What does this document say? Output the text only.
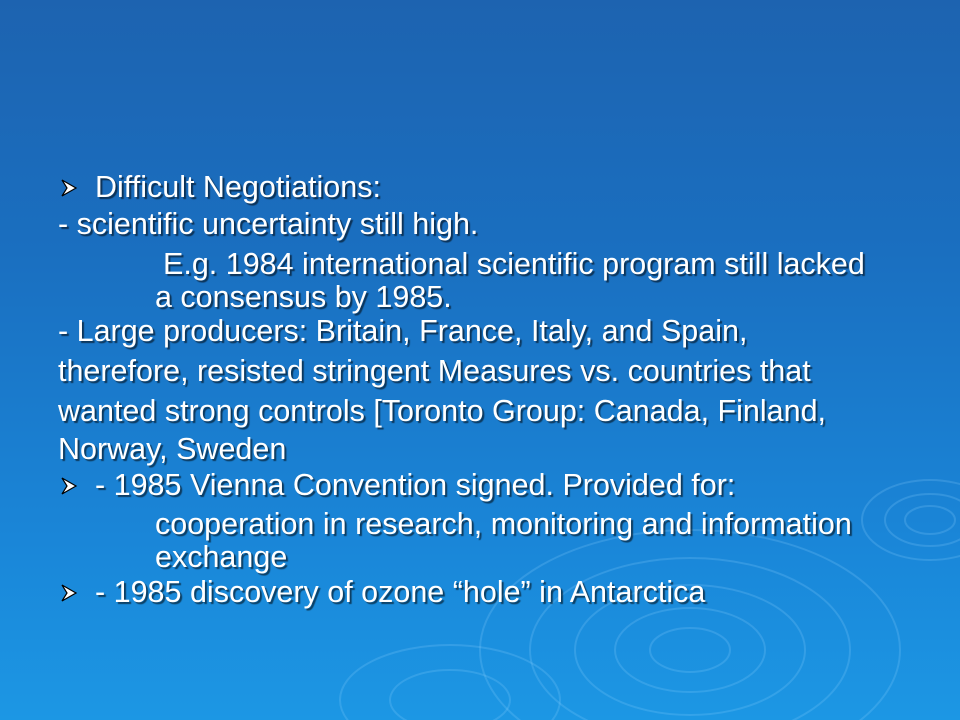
Difficult Negotiations:
- scientific uncertainty still high.
E.g. 1984 international scientific program still lacked
a consensus by 1985.
- Large producers: Britain, France, Italy, and Spain,
therefore, resisted stringent Measures vs. countries that
wanted strong controls [Toronto Group: Canada, Finland,
Norway, Sweden
- 1985 Vienna Convention signed. Provided for:
cooperation in research, monitoring and information
exchange
- 1985 discovery of ozone “hole” in Antarctica
